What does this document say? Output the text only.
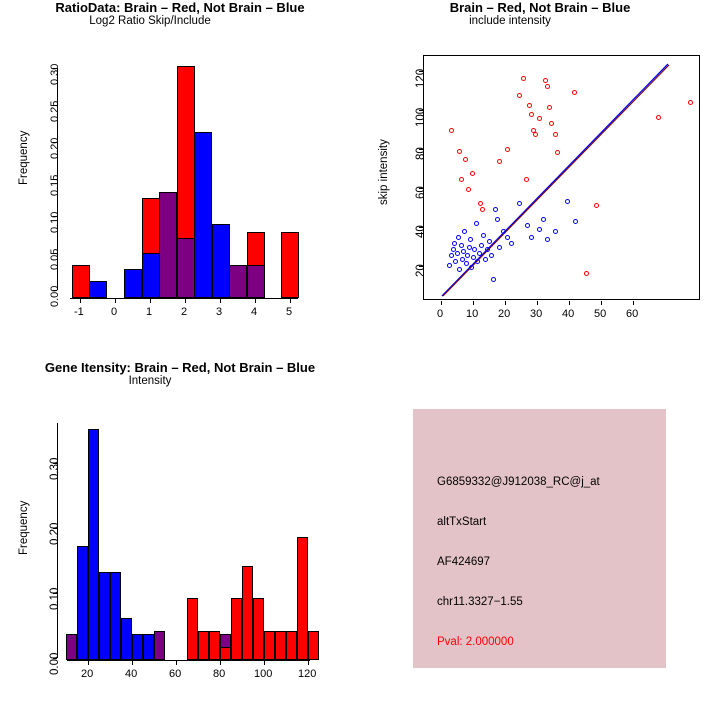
RatioData: Brain – Red, Not Brain – Blue
Frequency
Log2 Ratio Skip/Include
0.00
0.05
0.10
0.15
0.20
0.25
0.30
-1 0	1	2	3	4	5
Brain – Red, Not Brain – Blue
skip intensity
include intensity
0 10 20 30 40 50 60
20
40
60
80
100
120
Gene Itensity: Brain – Red, Not Brain – Blue
Frequency
Intensity
0.00
0.10
0.20
0.30
20	40	60	80	100 120
G6859332@J912038_RC@j_at
altTxStart
AF424697
chr11.3327−1.55
Pval: 2.000000
